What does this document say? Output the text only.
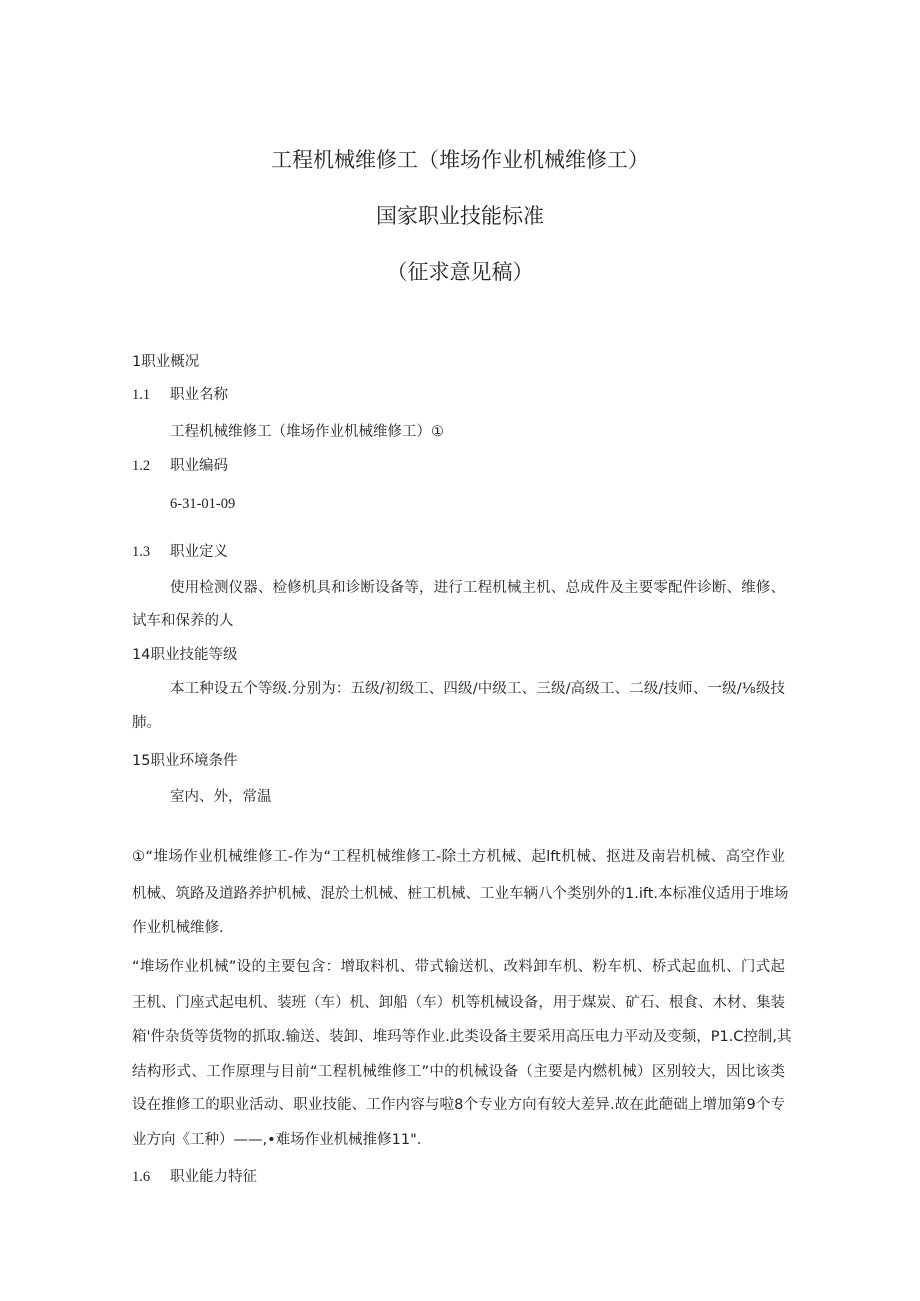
工程机械维修工（堆场作业机械维修工）
国家职业技能标准
（征求意见稿）
1职业概况
1.1 职业名称
工程机械维修工（堆场作业机械维修工）①
1.2 职业编码
6-31-01-09
1.3 职业定义
使用检测仪器、检修机具和诊断设备等，进行工程机械主机、总成件及主要零配件诊断、维修、
试车和保养的人
14职业技能等级
本工种设五个等级.分别为：五级/初级工、四级/中级工、三级/高级工、二级/技师、一级/⅛级技
肺。
15职业环境条件
室内、外，常温
①“堆场作业机械维修工-作为“工程机械维修工-除土方机械、起lft机械、抠进及南岩机械、高空作业
机械、筑路及道路养护机械、混於土机械、桩工机械、工业车辆八个类别外的1.ift.本标准仪适用于堆场
作业机械维修.
“堆场作业机械”设的主要包含：增取料机、带式输送机、改料卸车机、粉车机、桥式起血机、门式起
王机、门座式起电机、装班（车）机、卸船（车）机等机械设备，用于煤炭、矿石、根食、木材、集装
箱'件杂货等货物的抓取.输送、装卸、堆玛等作业.此类设备主要采用高压电力平动及变频，P1.C控制,其
结构形式、工作原理与目前“工程机械维修工”中的机械设备（主要是内燃机械）区别较大，因比该类
设在推修工的职业活动、职业技能、工作内容与啦8个专业方向有较大差异.故在此葩础上增加第9个专
业方向《工种）——,•难场作业机械推修11".
1.6 职业能力特征
